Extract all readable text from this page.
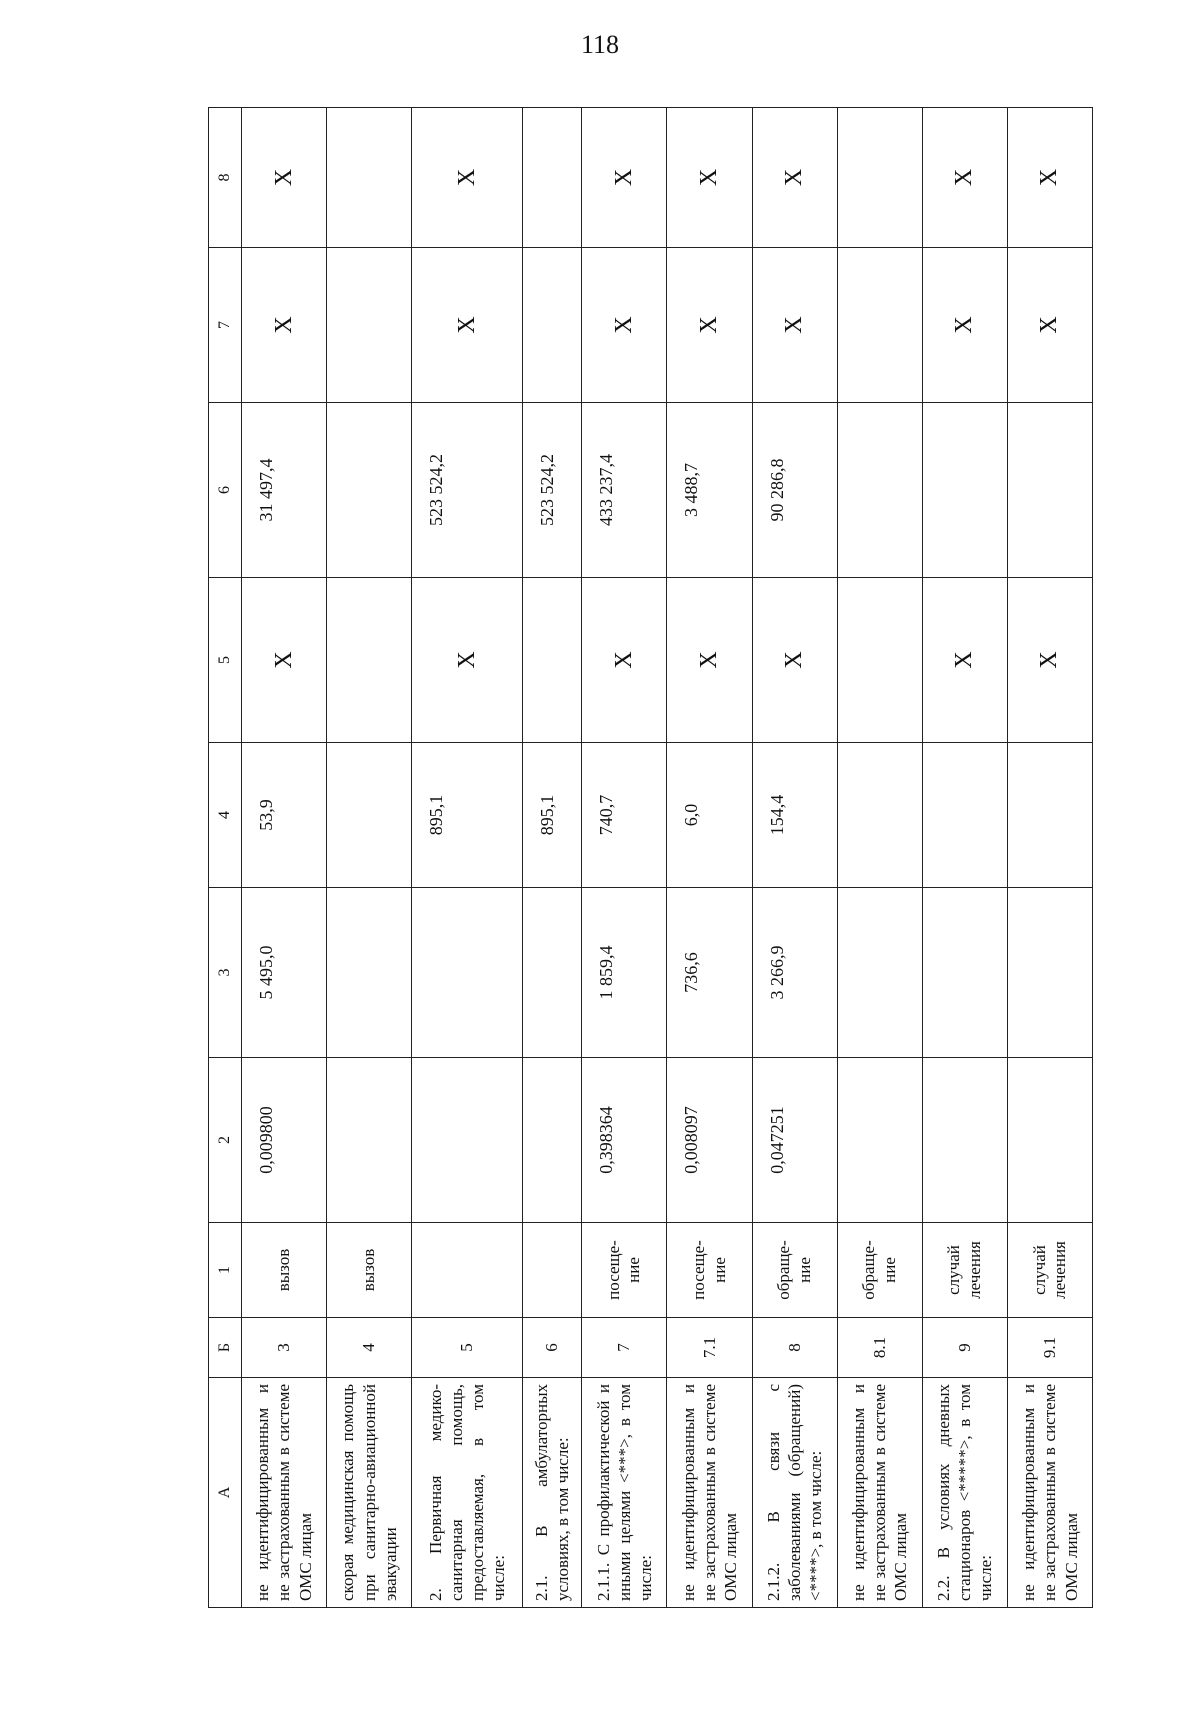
118
А	Б	1	2	3	4	5	6	7	8
не идентифицированным и не застрахованным в системе ОМС лицам	3	вызов	0,009800	5 495,0	53,9	Х	31 497,4	Х	Х
скорая медицинская помощь при санитарно-авиационной эвакуации	4	вызов							
2. Первичная медико-санитарная помощь, предоставляемая, в том числе:	5				895,1	Х	523 524,2	Х	Х
2.1. В амбулаторных условиях, в том числе:	6				895,1		523 524,2		
2.1.1. С профилактической и иными целями <***>, в том числе:	7	посеще-ние	0,398364	1 859,4	740,7	Х	433 237,4	Х	Х
не идентифицированным и не застрахованным в системе ОМС лицам	7.1	посеще-ние	0,008097	736,6	6,0	Х	3 488,7	Х	Х
2.1.2. В связи с заболеваниями (обращений) <****>, в том числе:	8	обраще-ние	0,047251	3 266,9	154,4	Х	90 286,8	Х	Х
не идентифицированным и не застрахованным в системе ОМС лицам	8.1	обраще-ние							
2.2. В условиях дневных стационаров <*****>, в том числе:	9	случай лечения				Х		Х	Х
не идентифицированным и не застрахованным в системе ОМС лицам	9.1	случай лечения				Х		Х	Х
